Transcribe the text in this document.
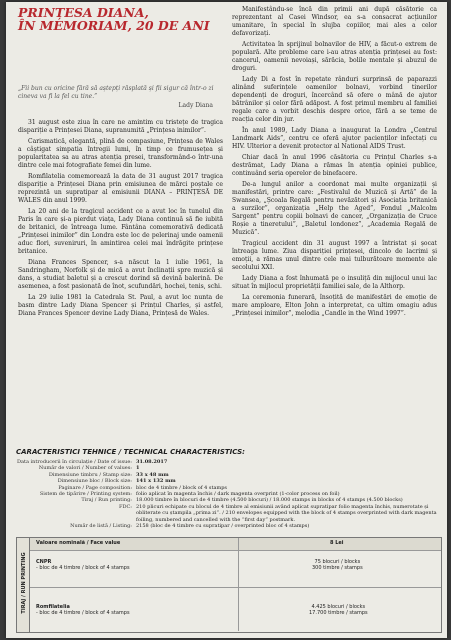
PRINȚESA DIANA,
ÎN MEMORIAM, 20 DE ANI

„Fii bun cu oricine fără să aștepți răsplată și fii sigur că într-o zi cineva va fi la fel cu tine.”

Lady Diana

31 august este ziua în care ne amintim cu tristețe de tragica dispariție a Prințesei Diana, supranumită „Prințesa inimilor”.

Carismatică, elegantă, plină de compasiune, Prințesa de Wales a câștigat simpatia întregii lumi, în timp ce frumusețea și popularitatea sa au atras atenția presei, transformând-o într-una dintre cele mai fotografiate femei din lume.

Romfilatelia comemorează la data de 31 august 2017 tragica dispariție a Prințesei Diana prin emisiunea de mărci poștale ce reprezintă un supratipar al emisiunii DIANA – PRINȚESĂ DE WALES din anul 1999.

La 20 ani de la tragicul accident ce a avut loc în tunelul din Paris în care și-a pierdut viața, Lady Diana continuă să fie iubită de britanici, de întreaga lume. Fântâna comemorativă dedicată „Prințesei inimilor” din Londra este loc de pelerinaj unde oamenii aduc flori, suveniruri, în amintirea celei mai îndrăgite prințese britanice.

Diana Frances Spencer, s-a născut la 1 iulie 1961, la Sandringham, Norfolk și de mică a avut înclinații spre muzică și dans, a studiat baletul și a crescut dorind să devină balerină. De asemenea, a fost pasionată de înot, scufundări, hochei, tenis, schi.

La 29 iulie 1981 la Catedrala St. Paul, a avut loc nunta de basm dintre Lady Diana Spencer și Prințul Charles, și astfel, Diana Frances Spencer devine Lady Diana, Prințesă de Wales.

Manifestându-se încă din primii ani după căsătorie ca reprezentant al Casei Windsor, ea s-a consacrat acțiunilor umanitare, în special în slujba copiilor, mai ales a celor defavorizați.

Activitatea în sprijinul bolnavilor de HIV, a făcut-o extrem de populară. Alte probleme care i-au atras atenția prințesei au fost: cancerul, oamenii nevoiași, sărăcia, bolile mentale și abuzul de droguri.

Lady Di a fost în repetate rânduri surprinsă de paparazzi alinând suferințele oamenilor bolnavi, vorbind tinerilor dependenți de droguri, încercând să ofere o mână de ajutor bătrânilor și celor fără adăpost. A fost primul membru al familiei regale care a vorbit deschis despre orice, fără a se teme de reacția celor din jur.

În anul 1989, Lady Diana a inaugurat la Londra „Centrul Landmark Aids”, centru ce oferă ajutor pacienților infectați cu HIV. Ulterior a devenit protector al National AIDS Trust.

Chiar dacă în anul 1996 căsătoria cu Prințul Charles s-a destrămat, Lady Diana a rămas în atenția opiniei publice, continuând seria operelor de binefacere.

De-a lungul anilor a coordonat mai multe organizații și manifestări, printre care: „Festivalul de Muzică și Artă” de la Swansea, „Școala Regală pentru nevăzători și Asociația britanică a surzilor”, organizația „Help the Aged”, Fondul „Malcolm Sargent” pentru copiii bolnavi de cancer, „Organizația de Cruce Roșie a tineretului”, „Baletul londonez”, „Academia Regală de Muzică”.

Tragicul accident din 31 august 1997 a întristat și șocat întreaga lume. Ziua dispariției prințesei, dincolo de lacrimi și emoții, a rămas unul dintre cele mai tulburătoare momente ale secolului XXI.

Lady Diana a fost înhumată pe o insuliță din mijlocul unui lac situat în mijlocul proprietății familiei sale, de la Althorp.

La ceremonia funerară, însoțită de manifestări de emoție de mare amploare, Elton John a interpretat, ca ultim omagiu adus „Prințesei inimilor”, melodia „Candle in the Wind 1997”.

CARACTERISTICI TEHNICE / TECHNICAL CHARACTERISTICS:
Data introducerii în circulație / Date of issue: 31.08.2017
Număr de valori / Number of values: 1
Dimensiune timbru / Stamp size: 33 x 48 mm
Dimensiune bloc / Block size: 141 x 132 mm
Paginare / Page composition: bloc de 4 timbre / block of 4 stamps
Sistem de tipărire / Printing system: folio aplicat în magenta închis / dark magenta overprint (1-color process on foil)
Tiraj / Run printing: 18.000 timbre în blocuri de 4 timbre (4.500 blocuri) / 18.000 stamps in blocks of 4 stamps (4.500 blocks)
FDC: 210 plicuri echipate cu blocul de 4 timbre al emisiunii având aplicat supratipar folio magenta închis, numerotate și obliterate cu ștampila „prima zi”. / 210 envelopes equipped with the block of 4 stamps overprinted with dark magenta foiling, numbered and cancelled with the “first day” postmark.
Număr de listă / Listing: 2158 (bloc de 4 timbre cu supratipar / overprinted bloc of 4 stamps)
TIRAJ / RUN PRINTING
Valoare nominală / Face value	8 Lei
CNPR
- bloc de 4 timbre / block of 4 stamps
75 blocuri / blocks
300 timbre / stamps
Romfilatelia
- bloc de 4 timbre / block of 4 stamps
4.425 blocuri / blocks
17.700 timbre / stamps
